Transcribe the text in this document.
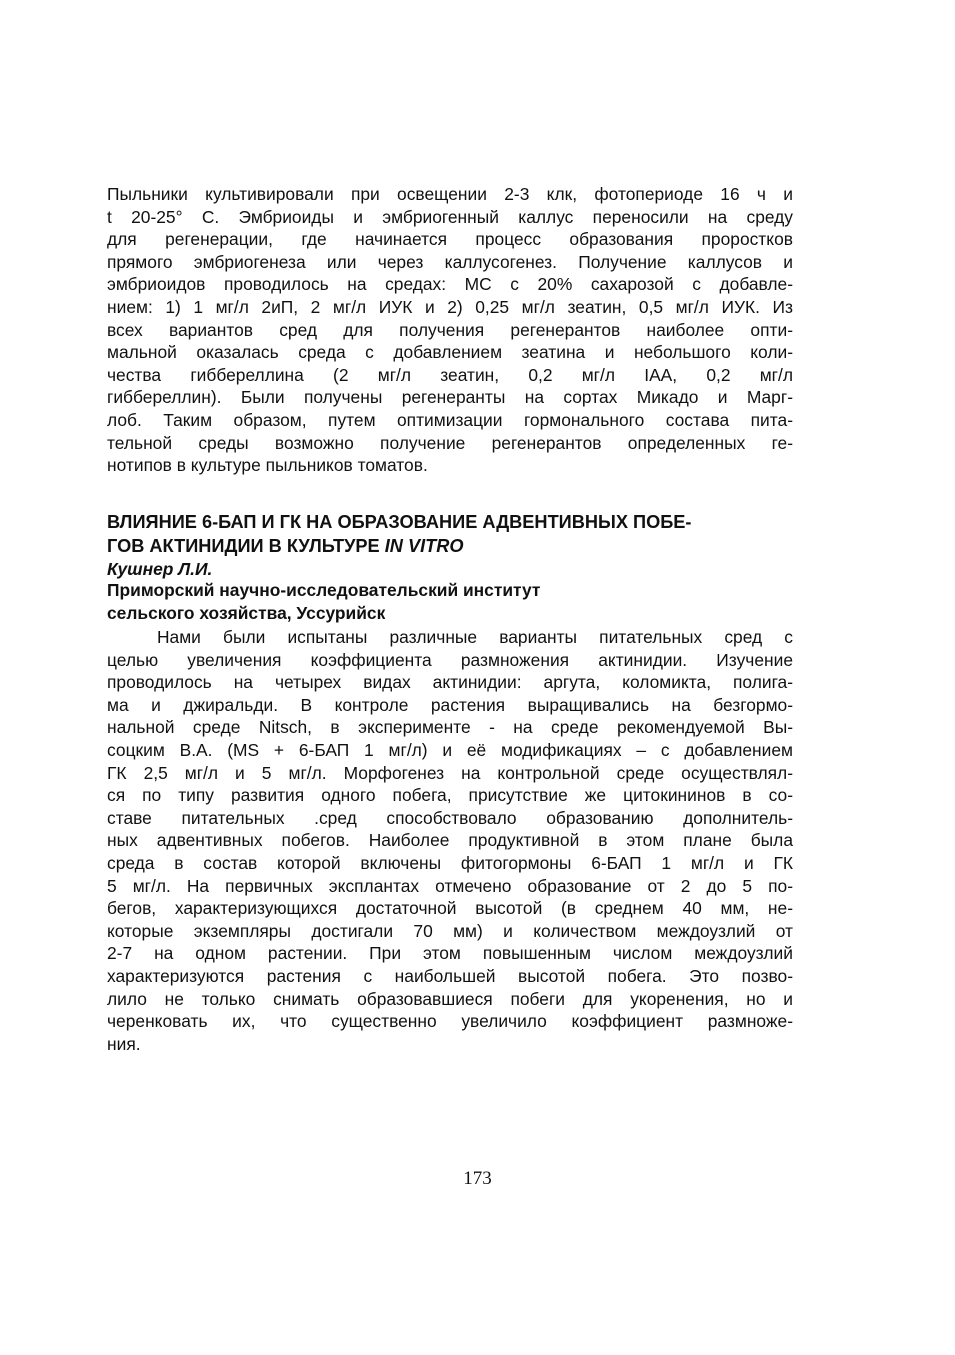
Пыльники культивировали при освещении 2-3 клк, фотопериоде 16 ч и
t 20-25° С. Эмбриоиды и эмбриогенный каллус переносили на среду
для регенерации, где начинается процесс образования проростков
прямого эмбриогенеза или через каллусогенез. Получение каллусов и
эмбриоидов проводилось на средах: МС с 20% сахарозой с добавле-
нием: 1) 1 мг/л 2иП, 2 мг/л ИУК и 2) 0,25 мг/л зеатин, 0,5 мг/л ИУК. Из
всех вариантов сред для получения регенерантов наиболее опти-
мальной оказалась среда с добавлением зеатина и небольшого коли-
чества гиббереллина (2 мг/л зеатин, 0,2 мг/л IAA, 0,2 мг/л
гиббереллин). Были получены регенеранты на сортах Микадо и Марг-
лоб. Таким образом, путем оптимизации гормонального состава пита-
тельной среды возможно получение регенерантов определенных ге-
нотипов в культуре пыльников томатов.
ВЛИЯНИЕ 6-БАП И ГК НА ОБРАЗОВАНИЕ АДВЕНТИВНЫХ ПОБЕ-
ГОВ АКТИНИДИИ В КУЛЬТУРЕ IN VITRO
Кушнер Л.И.
Приморский научно-исследовательский институт
сельского хозяйства, Уссурийск
Нами были испытаны различные варианты питательных сред с
целью увеличения коэффициента размножения актинидии. Изучение
проводилось на четырех видах актинидии: аргута, коломикта, полига-
ма и джиральди. В контроле растения выращивались на безгормо-
нальной среде Nitsch, в эксперименте - на среде рекомендуемой Вы-
соцким В.А. (MS + 6-БАП 1 мг/л) и её модификациях – с добавлением
ГК 2,5 мг/л и 5 мг/л. Морфогенез на контрольной среде осуществлял-
ся по типу развития одного побега, присутствие же цитокининов в со-
ставе питательных .сред способствовало образованию дополнитель-
ных адвентивных побегов. Наиболее продуктивной в этом плане была
среда в состав которой включены фитогормоны 6-БАП 1 мг/л и ГК
5 мг/л. На первичных эксплантах отмечено образование от 2 до 5 по-
бегов, характеризующихся достаточной высотой (в среднем 40 мм, не-
которые экземпляры достигали 70 мм) и количеством междоузлий от
2-7 на одном растении. При этом повышенным числом междоузлий
характеризуются растения с наибольшей высотой побега. Это позво-
лило не только снимать образовавшиеся побеги для укоренения, но и
черенковать их, что существенно увеличило коэффициент размноже-
ния.
173
